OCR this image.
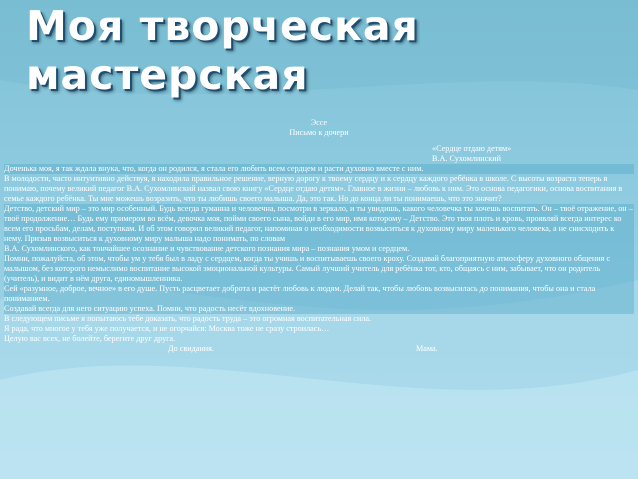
Моя творческая
мастерская
Эссе
Письмо к дочери
«Сердце отдаю детям»
В.А. Сухомлинский

Доченька моя, я так ждала внука, что, когда он родился, я стала его любить всем сердцем и расти духовно вместе с ним.

В молодости, часто интуитивно действуя, я находила правильное решение, верную дорогу к твоему сердцу и к сердцу каждого ребёнка в школе. С высоты возраста теперь я понимаю, почему великий педагог В.А. Сухомлинский назвал свою книгу «Сердце отдаю детям». Главное в жизни – любовь к ним. Это основа педагогики, основа воспитания в семье каждого ребёнка. Ты мне можешь возразить, что ты любишь своего малыша. Да, это так. Но до конца ли ты понимаешь, что это значит?

Детство, детский мир – это мир особенный. Будь всегда гуманна и человечна, посмотри в зеркало, и ты увидишь, какого человечка ты хочешь воспитать. Он – твоё отражение, он – твоё продолжение… Будь ему примером во всём, девочка моя, пойми своего сына, войди в его мир, имя которому – Детство. Это твоя плоть и кровь, проявляй всегда интерес ко всем его просьбам, делам, поступкам. И об этом говорил великий педагог, напоминая о необходимости возвыситься к духовному миру маленького человека, а не снисходить к нему. Призыв возвыситься к духовному миру малыша надо понимать, по словам

В.А. Сухомлинского, как тончайшее осознание и чувствование детского познания мира – познания умом и сердцем.

Помни, пожалуйста, об этом, чтобы ум у тебя был в ладу с сердцем, когда ты учишь и воспитываешь своего кроху. Создавай благоприятную атмосферу духовного общения с малышом, без которого немыслимо воспитание высокой эмоциональной культуры. Самый лучший учитель для ребёнка тот, кто, общаясь с ним, забывает, что он родитель (учитель), и видит в нём друга, единомышленника.

Сей «разумное, доброе, вечное» в его душе. Пусть расцветает доброта и растёт любовь к людям. Делай так, чтобы любовь возвысилась до понимания, чтобы она и стала пониманием.

Создавай всегда для него ситуацию успеха. Помни, что радость несёт вдохновение.

В следующем письме я попытаюсь тебе доказать, что радость труда – это огромная воспитательная сила.

Я рада, что многое у тебя уже получается, и не огорчайся: Москва тоже не сразу строилась…

Целую вас всех, не болейте, берегите друг друга.

До свидания.	Мама.
